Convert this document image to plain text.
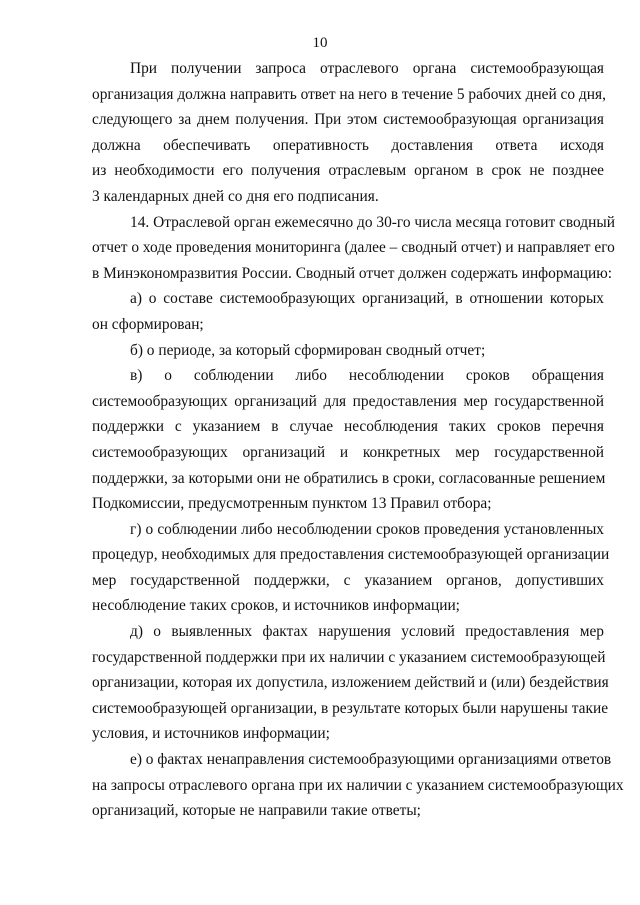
10
При получении запроса отраслевого органа системообразующая
организация должна направить ответ на него в течение 5 рабочих дней со дня,
следующего за днем получения. При этом системообразующая организация
должна обеспечивать оперативность доставления ответа исходя
из необходимости его получения отраслевым органом в срок не позднее
3 календарных дней со дня его подписания.
14. Отраслевой орган ежемесячно до 30-го числа месяца готовит сводный
отчет о ходе проведения мониторинга (далее – сводный отчет) и направляет его
в Минэкономразвития России. Сводный отчет должен содержать информацию:
а) о составе системообразующих организаций, в отношении которых
он сформирован;
б) о периоде, за который сформирован сводный отчет;
в) о соблюдении либо несоблюдении сроков обращения
системообразующих организаций для предоставления мер государственной
поддержки с указанием в случае несоблюдения таких сроков перечня
системообразующих организаций и конкретных мер государственной
поддержки, за которыми они не обратились в сроки, согласованные решением
Подкомиссии, предусмотренным пунктом 13 Правил отбора;
г) о соблюдении либо несоблюдении сроков проведения установленных
процедур, необходимых для предоставления системообразующей организации
мер государственной поддержки, с указанием органов, допустивших
несоблюдение таких сроков, и источников информации;
д) о выявленных фактах нарушения условий предоставления мер
государственной поддержки при их наличии с указанием системообразующей
организации, которая их допустила, изложением действий и (или) бездействия
системообразующей организации, в результате которых были нарушены такие
условия, и источников информации;
е) о фактах ненаправления системообразующими организациями ответов
на запросы отраслевого органа при их наличии с указанием системообразующих
организаций, которые не направили такие ответы;
